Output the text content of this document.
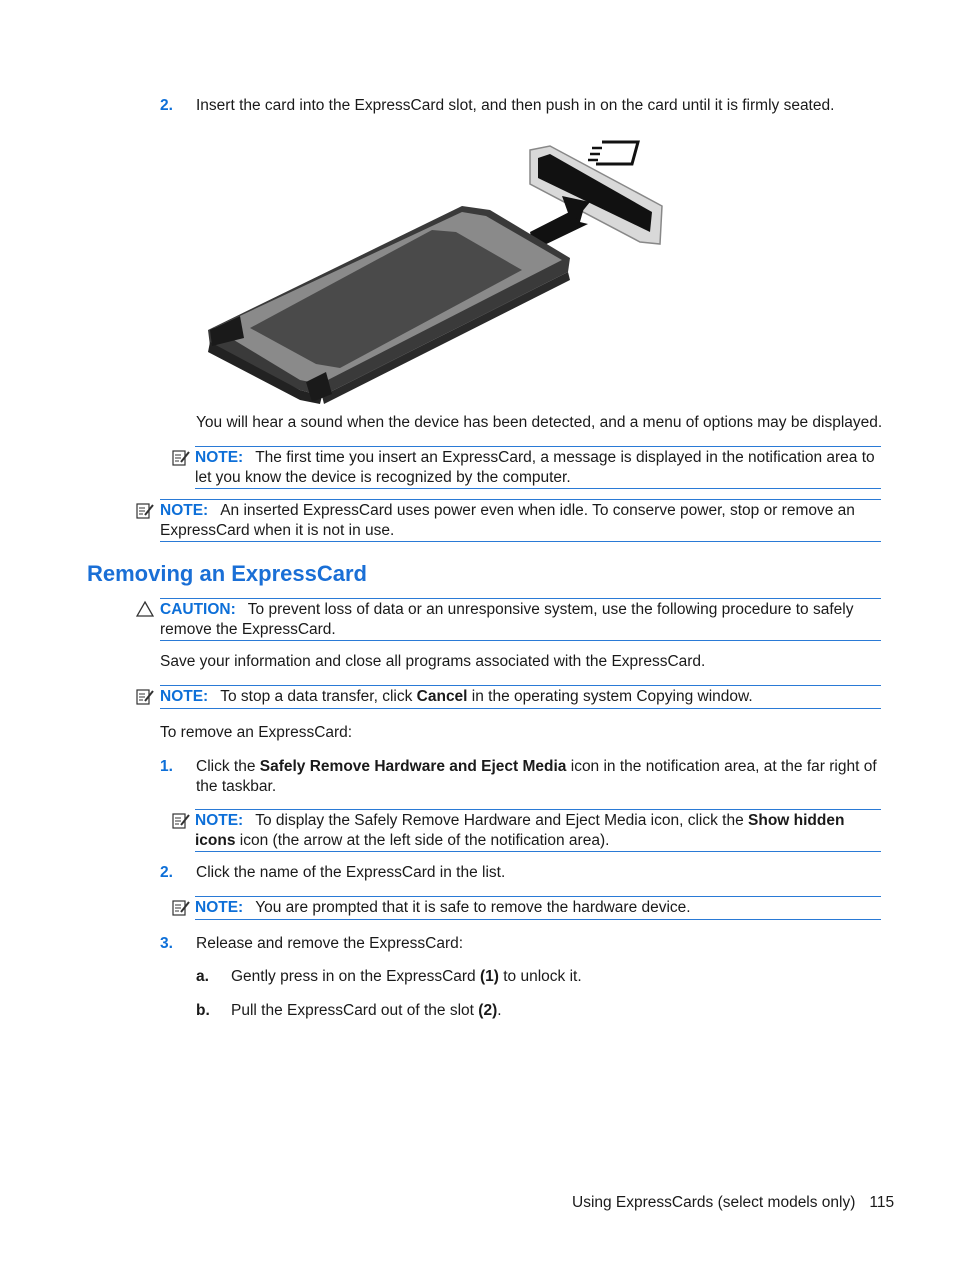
2. Insert the card into the ExpressCard slot, and then push in on the card until it is firmly seated.

You will hear a sound when the device has been detected, and a menu of options may be displayed.

NOTE: The first time you insert an ExpressCard, a message is displayed in the notification area to let you know the device is recognized by the computer.
NOTE: An inserted ExpressCard uses power even when idle. To conserve power, stop or remove an ExpressCard when it is not in use.
Removing an ExpressCard
CAUTION: To prevent loss of data or an unresponsive system, use the following procedure to safely remove the ExpressCard.

Save your information and close all programs associated with the ExpressCard.

NOTE: To stop a data transfer, click Cancel in the operating system Copying window.

To remove an ExpressCard:

1. Click the Safely Remove Hardware and Eject Media icon in the notification area, at the far right of the taskbar.
NOTE: To display the Safely Remove Hardware and Eject Media icon, click the Show hidden icons icon (the arrow at the left side of the notification area).
2. Click the name of the ExpressCard in the list.
NOTE: You are prompted that it is safe to remove the hardware device.
3. Release and remove the ExpressCard:
a. Gently press in on the ExpressCard (1) to unlock it.
b. Pull the ExpressCard out of the slot (2).
Using ExpressCards (select models only) 115
